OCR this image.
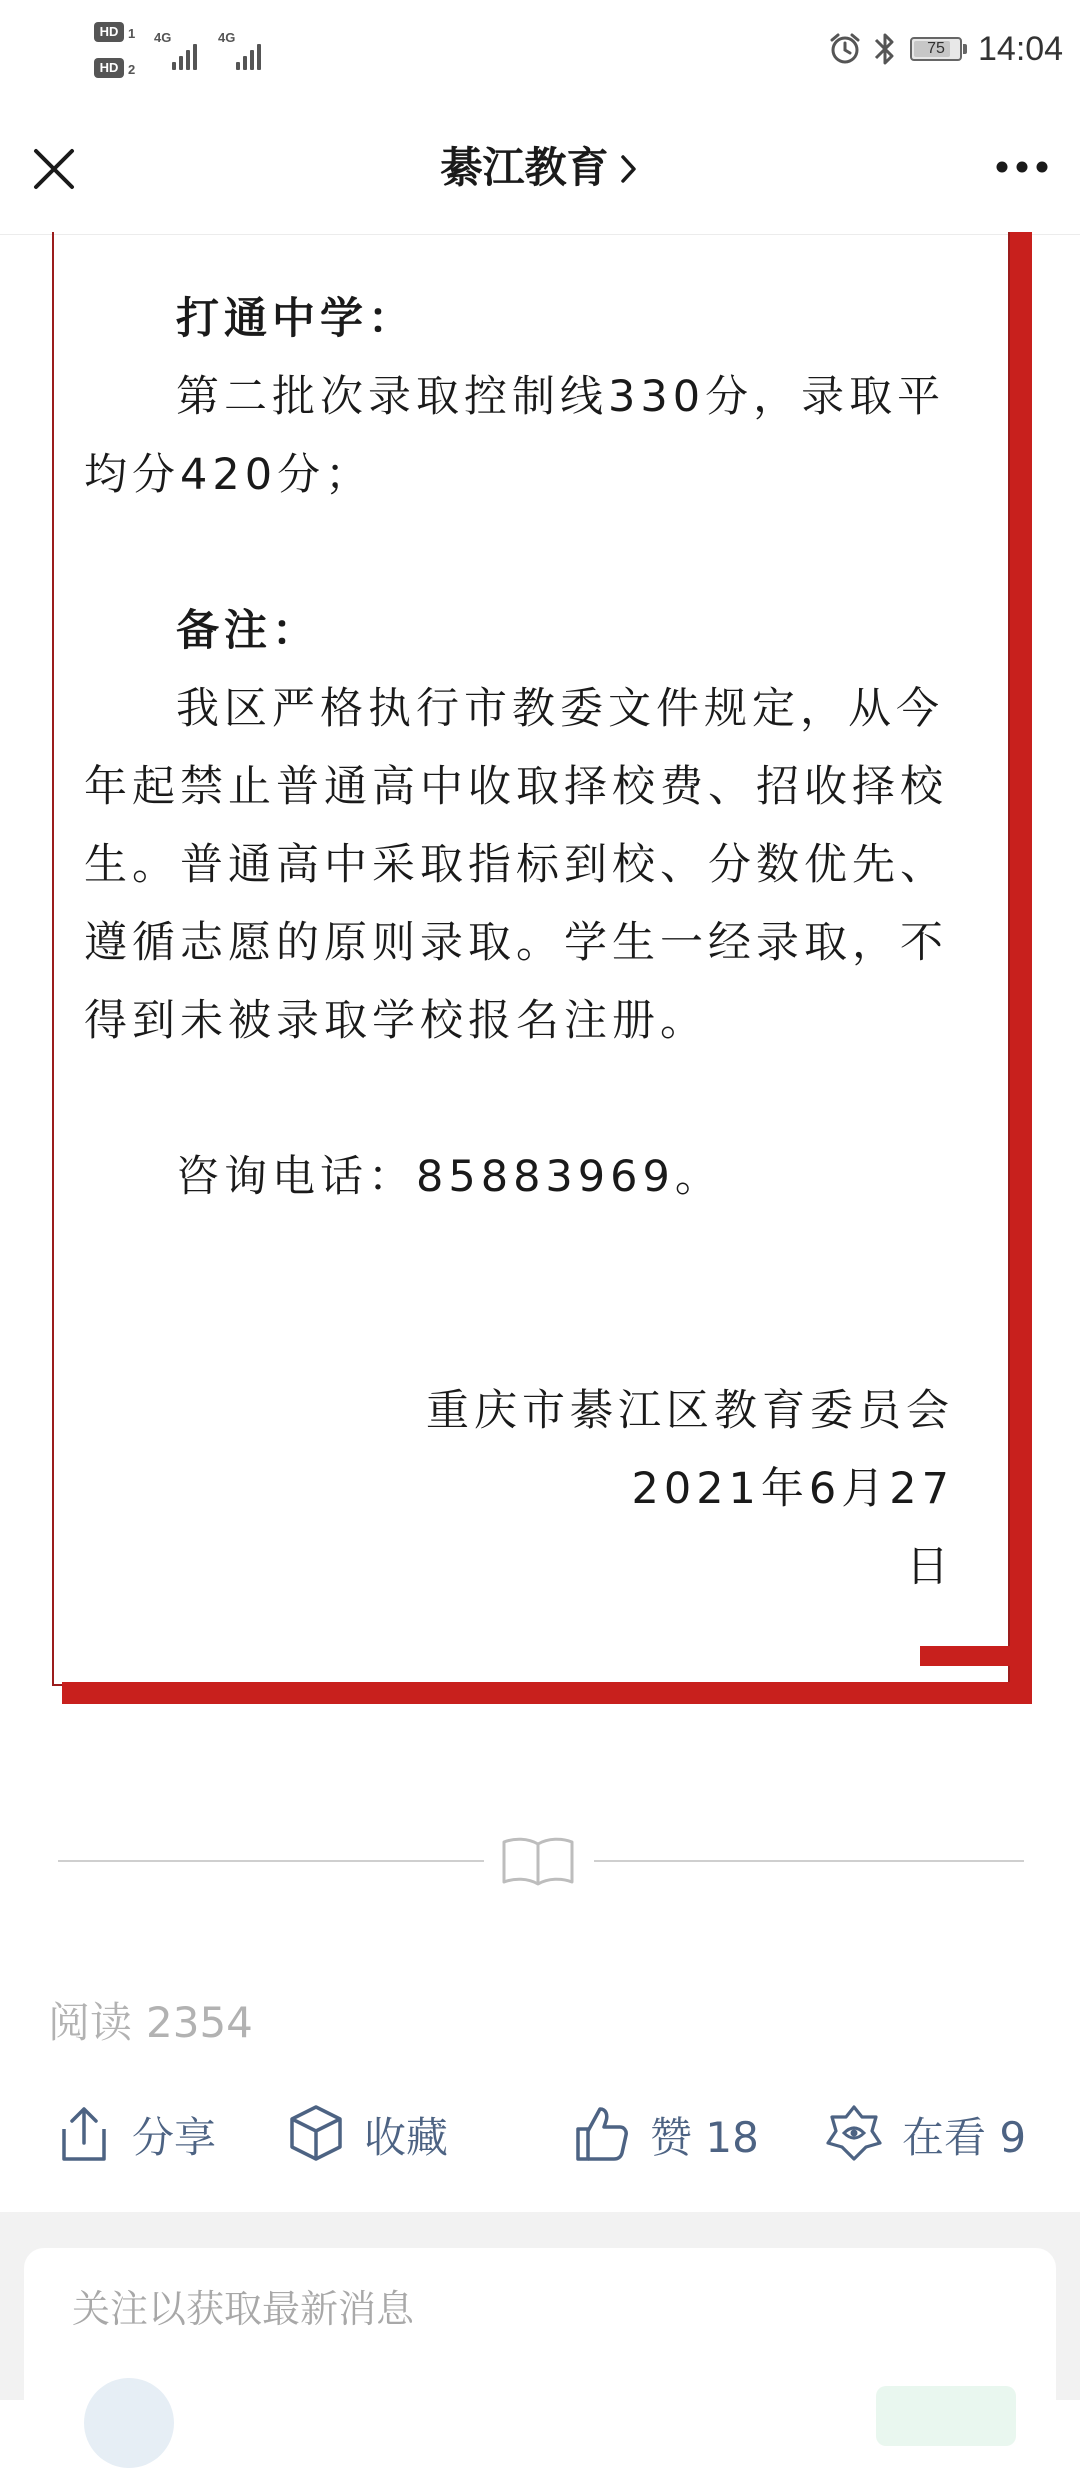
HD 1
HD 2
4G	4G
75 14:04
綦江教育
打通中学：
第二批次录取控制线330分，录取平均分420分；
备注：
我区严格执行市教委文件规定，从今年起禁止普通高中收取择校费、招收择校生。普通高中采取指标到校、分数优先、遵循志愿的原则录取。学生一经录取，不得到未被录取学校报名注册。
咨询电话：85883969。
重庆市綦江区教育委员会
2021年6月27日
阅读 2354
分享	收藏	赞 18	在看 9
关注以获取最新消息
